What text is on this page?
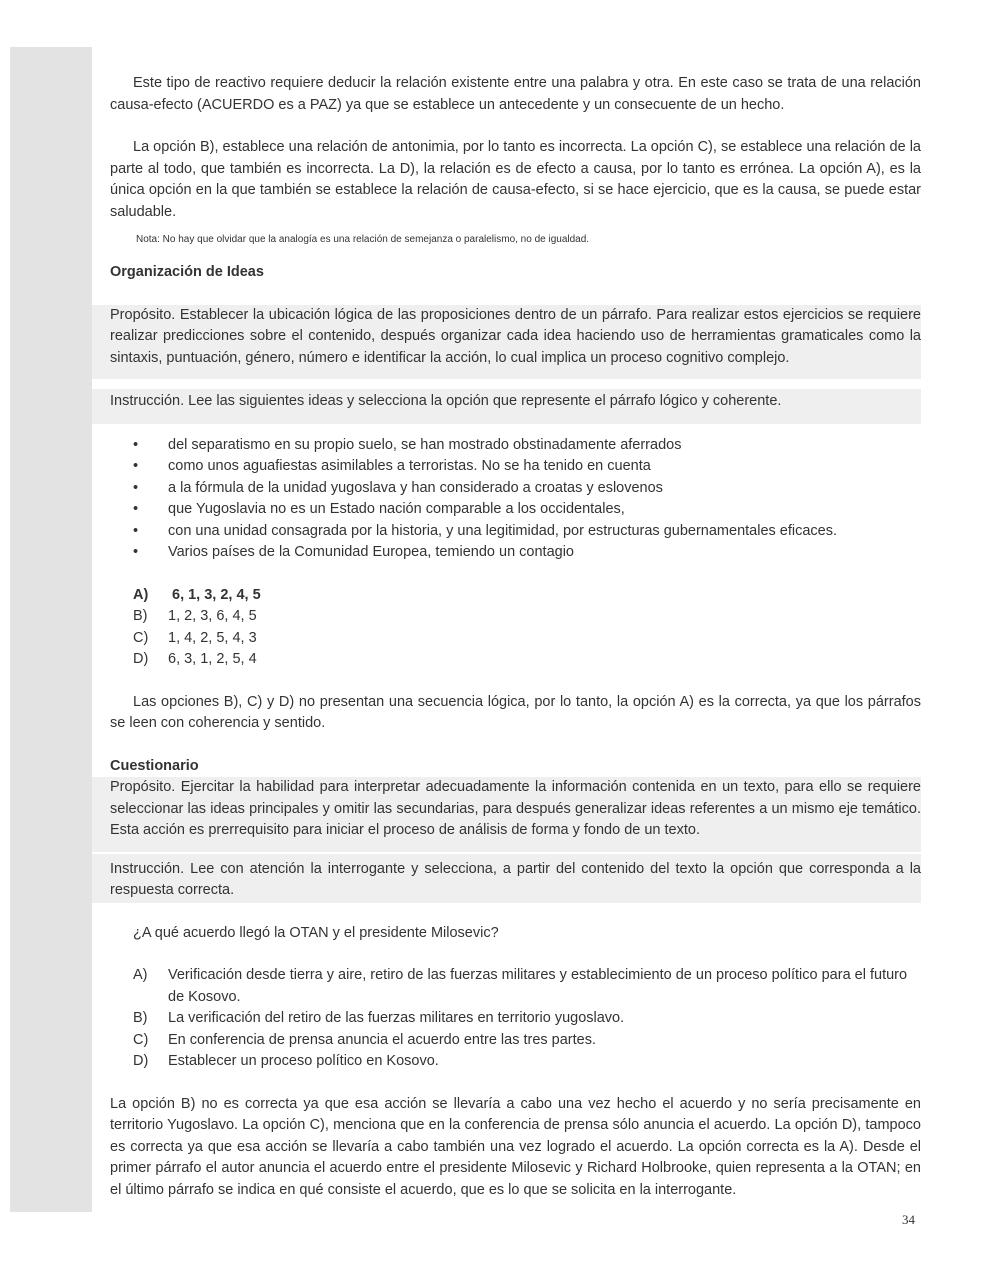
Este tipo de reactivo requiere deducir la relación existente entre una palabra y otra. En este caso se trata de una relación causa-efecto (ACUERDO es a PAZ) ya que se establece un antecedente y un consecuente de un hecho.

La opción B), establece una relación de antonimia, por lo tanto es incorrecta. La opción C), se establece una relación de la parte al todo, que también es incorrecta. La D), la relación es de efecto a causa, por lo tanto es errónea. La opción A), es la única opción en la que también se establece la relación de causa-efecto, si se hace ejercicio, que es la causa, se puede estar saludable.

Nota: No hay que olvidar que la analogía es una relación de semejanza o paralelismo, no de igualdad.

Organización de Ideas

Propósito. Establecer la ubicación lógica de las proposiciones dentro de un párrafo. Para realizar estos ejercicios se requiere realizar predicciones sobre el contenido, después organizar cada idea haciendo uso de herramientas gramaticales como la sintaxis, puntuación, género, número e identificar la acción, lo cual implica un proceso cognitivo complejo.

Instrucción. Lee las siguientes ideas y selecciona la opción que represente el párrafo lógico y coherente.

• del separatismo en su propio suelo, se han mostrado obstinadamente aferrados
• como unos aguafiestas asimilables a terroristas. No se ha tenido en cuenta
• a la fórmula de la unidad yugoslava y han considerado a croatas y eslovenos
• que Yugoslavia no es un Estado nación comparable a los occidentales,
• con una unidad consagrada por la historia, y una legitimidad, por estructuras gubernamentales eficaces.
• Varios países de la Comunidad Europea, temiendo un contagio
A) 6, 1, 3, 2, 4, 5
B) 1, 2, 3, 6, 4, 5
C) 1, 4, 2, 5, 4, 3
D) 6, 3, 1, 2, 5, 4

Las opciones B), C) y D) no presentan una secuencia lógica, por lo tanto, la opción A) es la correcta, ya que los párrafos se leen con coherencia y sentido.

Cuestionario

Propósito. Ejercitar la habilidad para interpretar adecuadamente la información contenida en un texto, para ello se requiere seleccionar las ideas principales y omitir las secundarias, para después generalizar ideas referentes a un mismo eje temático. Esta acción es prerrequisito para iniciar el proceso de análisis de forma y fondo de un texto.

Instrucción. Lee con atención la interrogante y selecciona, a partir del contenido del texto la opción que corresponda a la respuesta correcta.

¿A qué acuerdo llegó la OTAN y el presidente Milosevic?

A) Verificación desde tierra y aire, retiro de las fuerzas militares y establecimiento de un proceso político para el futuro de Kosovo.
B) La verificación del retiro de las fuerzas militares en territorio yugoslavo.
C) En conferencia de prensa anuncia el acuerdo entre las tres partes.
D) Establecer un proceso político en Kosovo.

La opción B) no es correcta ya que esa acción se llevaría a cabo una vez hecho el acuerdo y no sería precisamente en territorio Yugoslavo. La opción C), menciona que en la conferencia de prensa sólo anuncia el acuerdo. La opción D), tampoco es correcta ya que esa acción se llevaría a cabo también una vez logrado el acuerdo. La opción correcta es la A). Desde el primer párrafo el autor anuncia el acuerdo entre el presidente Milosevic y Richard Holbrooke, quien representa a la OTAN; en el último párrafo se indica en qué consiste el acuerdo, que es lo que se solicita en la interrogante.

34
